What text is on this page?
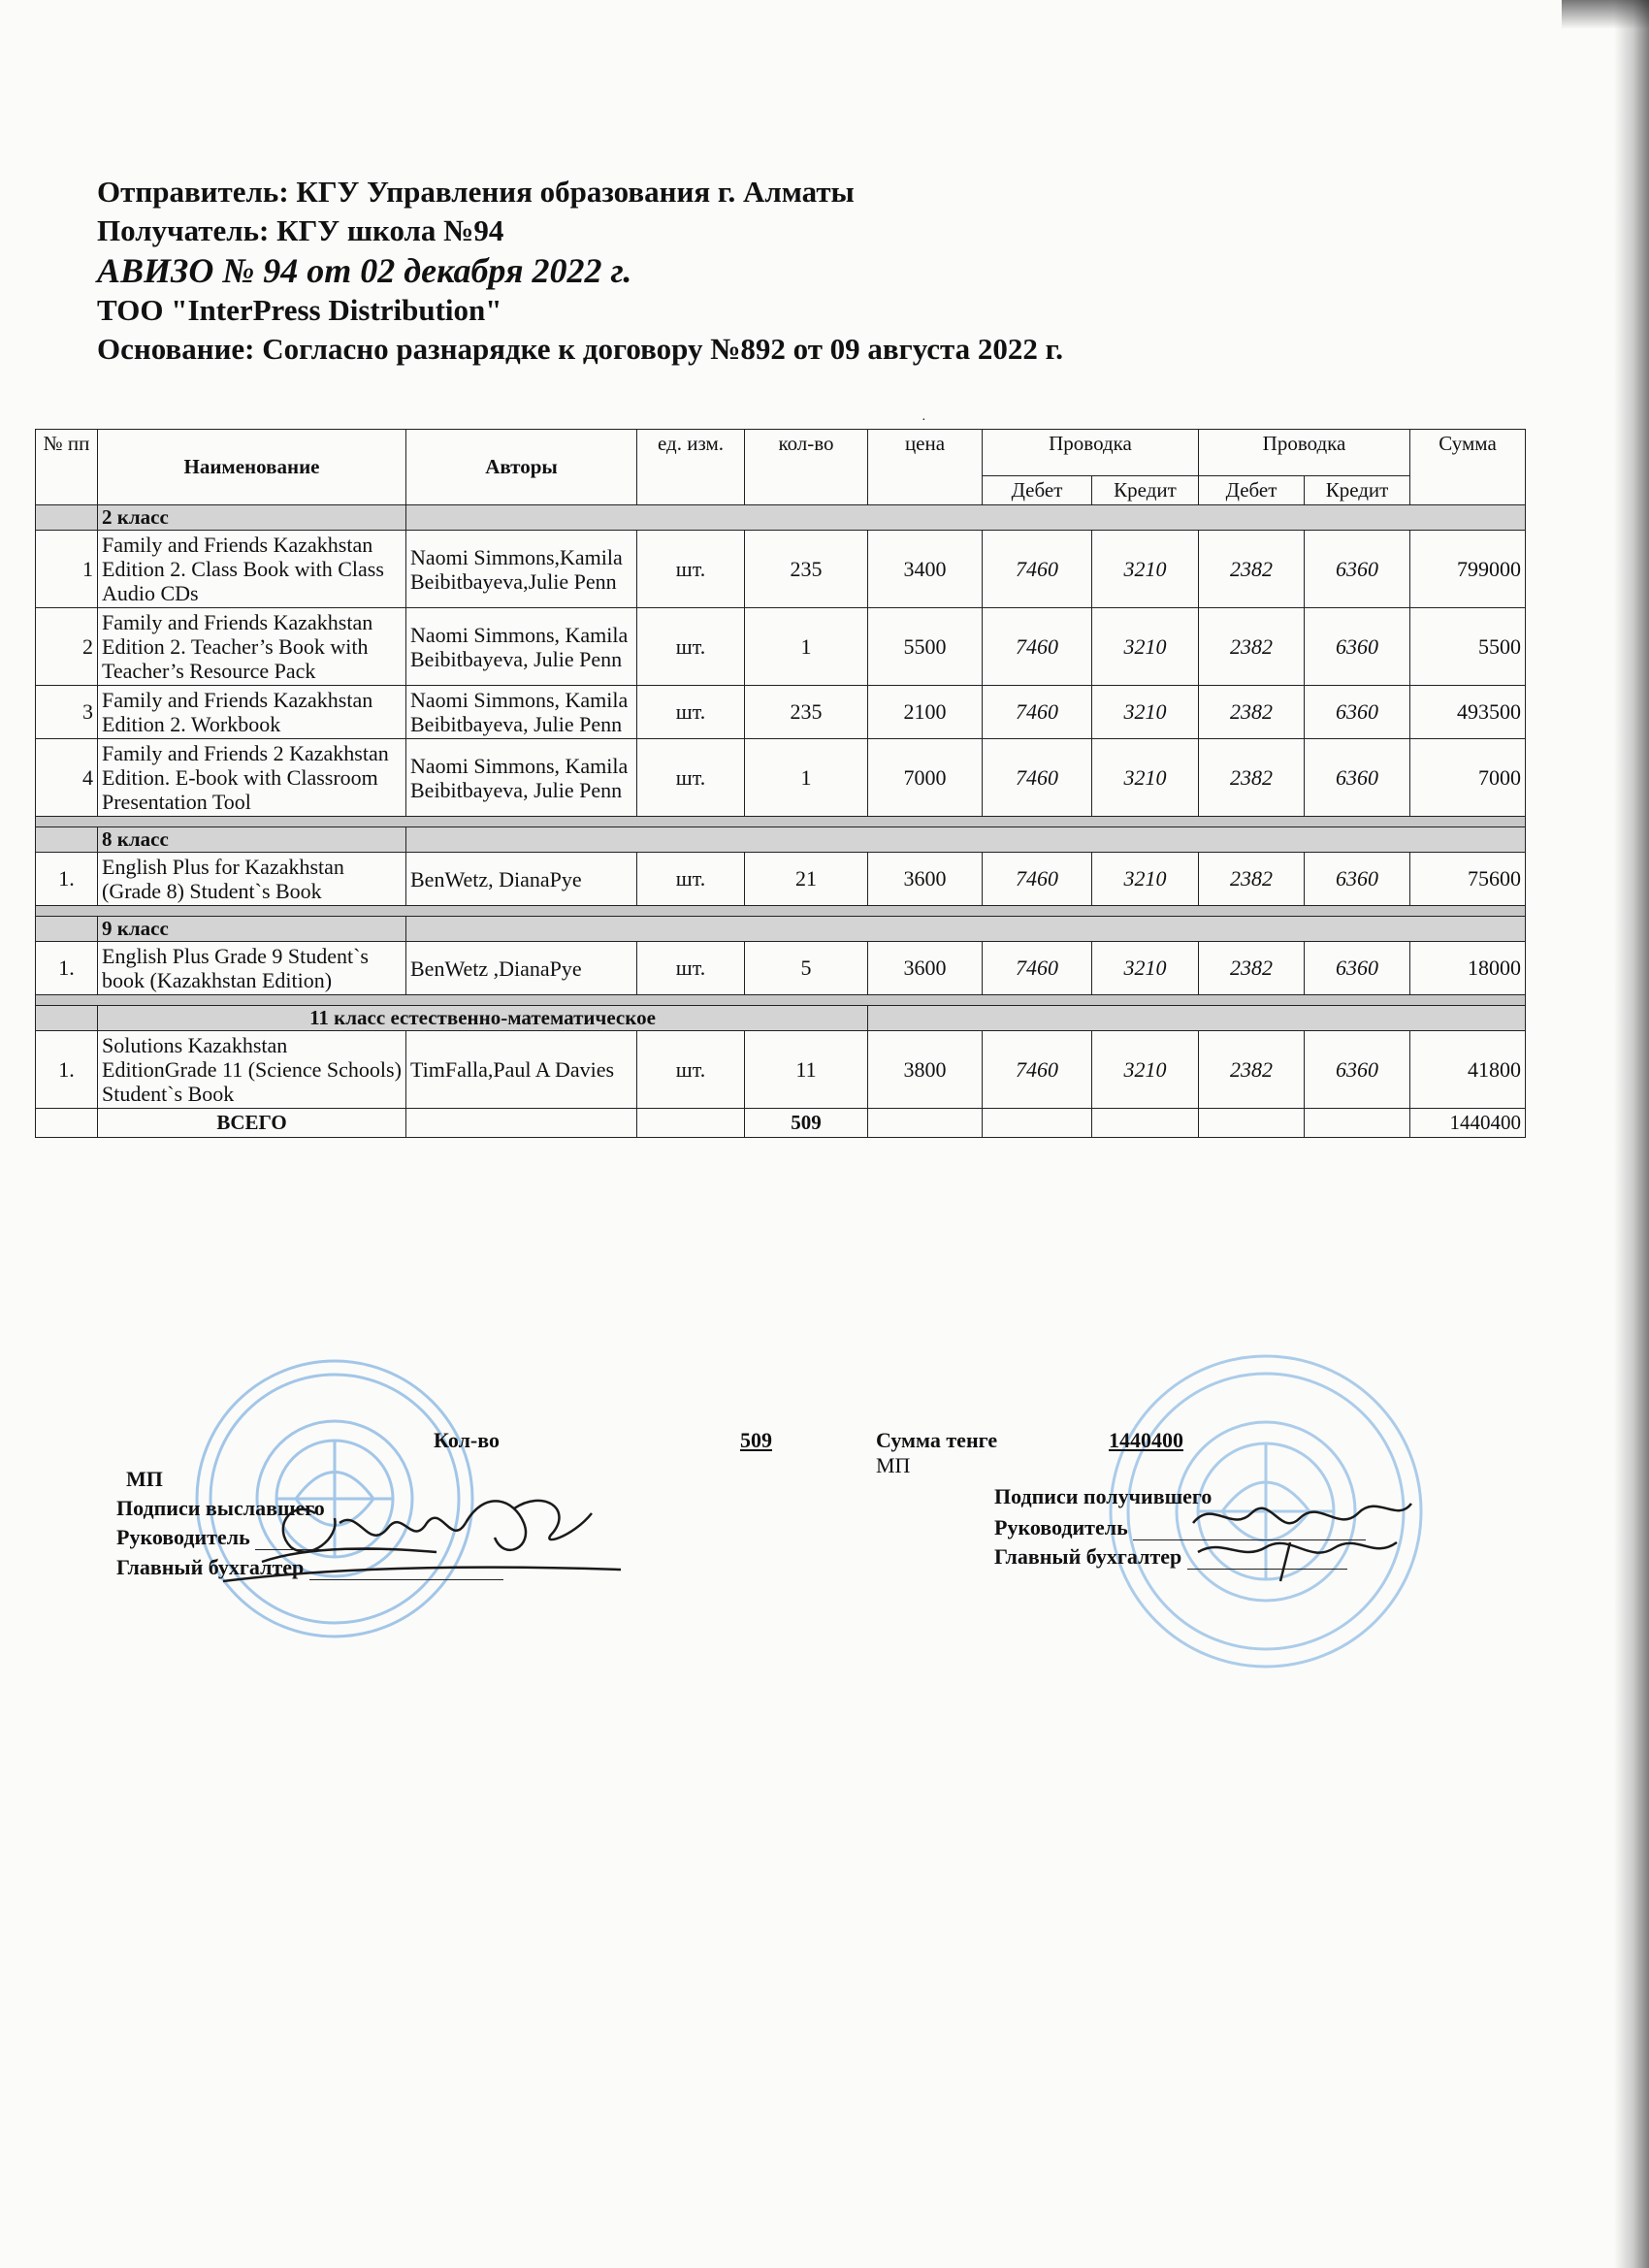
Отправитель: КГУ Управления образования г. Алматы
Получатель: КГУ школа №94
АВИЗО № 94 от 02 декабря 2022 г.
ТОО "InterPress Distribution"
Основание: Согласно разнарядке к договору №892 от 09 августа 2022 г.
·
№ пп	Наименование	Авторы	ед. изм.	кол-во	цена	Проводка		Проводка		Сумма
						Дебет	Кредит	Дебет	Кредит	
	2 класс									
1	Family and Friends Kazakhstan Edition 2. Class Book with Class Audio CDs	Naomi Simmons,Kamila Beibitbayeva,Julie Penn	шт.	235	3400	7460	3210	2382	6360	799000
2	Family and Friends Kazakhstan Edition 2. Teacher’s Book with Teacher’s Resource Pack	Naomi Simmons, Kamila Beibitbayeva, Julie Penn	шт.	1	5500	7460	3210	2382	6360	5500
3	Family and Friends Kazakhstan Edition 2. Workbook	Naomi Simmons, Kamila Beibitbayeva, Julie Penn	шт.	235	2100	7460	3210	2382	6360	493500
4	Family and Friends 2 Kazakhstan Edition. E-book with Classroom Presentation Tool	Naomi Simmons, Kamila Beibitbayeva, Julie Penn	шт.	1	7000	7460	3210	2382	6360	7000

	8 класс									
1.	English Plus for Kazakhstan (Grade 8) Student`s Book	BenWetz, DianaPye	шт.	21	3600	7460	3210	2382	6360	75600

	9 класс									
1.	English Plus Grade 9 Student`s book (Kazakhstan Edition)	BenWetz ,DianaPye	шт.	5	3600	7460	3210	2382	6360	18000

	11 класс естественно-математическое									
1.	Solutions Kazakhstan EditionGrade 11 (Science Schools) Student`s Book	TimFalla,Paul A Davies	шт.	11	3800	7460	3210	2382	6360	41800
	ВСЕГО			509						1440400
Кол-во	509	Сумма тенге	1440400
МП
МП
Подписи выславшего
Руководитель
Главный бухгалтер
Подписи получившего
Руководитель
Главный бухгалтер
